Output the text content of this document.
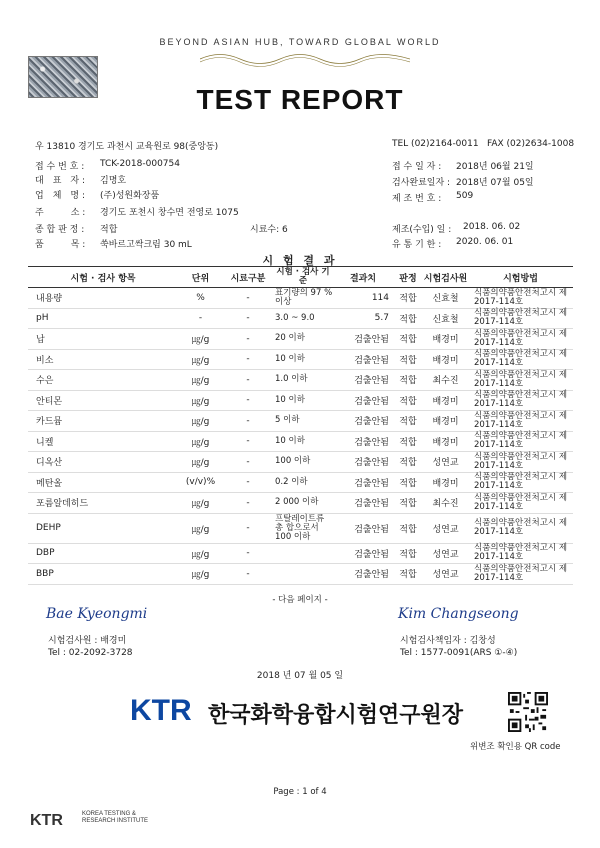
BEYOND ASIAN HUB, TOWARD GLOBAL WORLD
TEST REPORT
우 13810 경기도 과천시 교육원로 98(중앙동)	TEL (02)2164-0011 FAX (02)2634-1008
접 수 번 호 : TCK-2018-000754
대　표　자 : 김명호
업　체　명 : (주)성원화장품
주　　　소 : 경기도 포천시 창수면 전영로 1075
종 합 판 정 : 적합	시료수: 6
품　　　목 : 쑥바르고싹크림 30 mL
접 수 일 자 : 2018년 06월 21일
검사완료일자 : 2018년 07월 05일
제 조 번 호 : 509
제조(수입) 일 : 2018. 06. 02
유 통 기 한 : 2020. 06. 01
시 험 결 과
시험 · 검사 항목	단위	시료구분	시험 · 검사 기준	결과치	판정	시험검사원	시험방법
내용량	%	-	표기량의 97 % 이상	114	적합	신효철	식품의약품안전처고시 제2017-114호
pH	-	-	3.0 ~ 9.0	5.7	적합	신효철	식품의약품안전처고시 제2017-114호
납	㎍/g	-	20 이하	검출안됨	적합	배경미	식품의약품안전처고시 제2017-114호
비소	㎍/g	-	10 이하	검출안됨	적합	배경미	식품의약품안전처고시 제2017-114호
수은	㎍/g	-	1.0 이하	검출안됨	적합	최수진	식품의약품안전처고시 제2017-114호
안티몬	㎍/g	-	10 이하	검출안됨	적합	배경미	식품의약품안전처고시 제2017-114호
카드뮴	㎍/g	-	5 이하	검출안됨	적합	배경미	식품의약품안전처고시 제2017-114호
니켈	㎍/g	-	10 이하	검출안됨	적합	배경미	식품의약품안전처고시 제2017-114호
디옥산	㎍/g	-	100 이하	검출안됨	적합	성연교	식품의약품안전처고시 제2017-114호
메탄올	(v/v)%	-	0.2 이하	검출안됨	적합	배경미	식품의약품안전처고시 제2017-114호
포름알데히드	㎍/g	-	2 000 이하	검출안됨	적합	최수진	식품의약품안전처고시 제2017-114호
DEHP	㎍/g	-	프탈레이트류 총 합으로서 100 이하	검출안됨	적합	성연교	식품의약품안전처고시 제2017-114호
DBP	㎍/g	-		검출안됨	적합	성연교	식품의약품안전처고시 제2017-114호
BBP	㎍/g	-		검출안됨	적합	성연교	식품의약품안전처고시 제2017-114호
- 다음 페이지 -
Bae Kyeongmi
시험검사원 : 배경미
Tel : 02-2092-3728
Kim Changseong
시험검사책임자 : 김창성
Tel : 1577-0091(ARS ①-④)
2018 년 07 월 05 일
KTR 한국화학융합시험연구원장
위변조 확인용 QR code
Page : 1 of 4
KTR	KOREA TESTING &
RESEARCH INSTITUTE
